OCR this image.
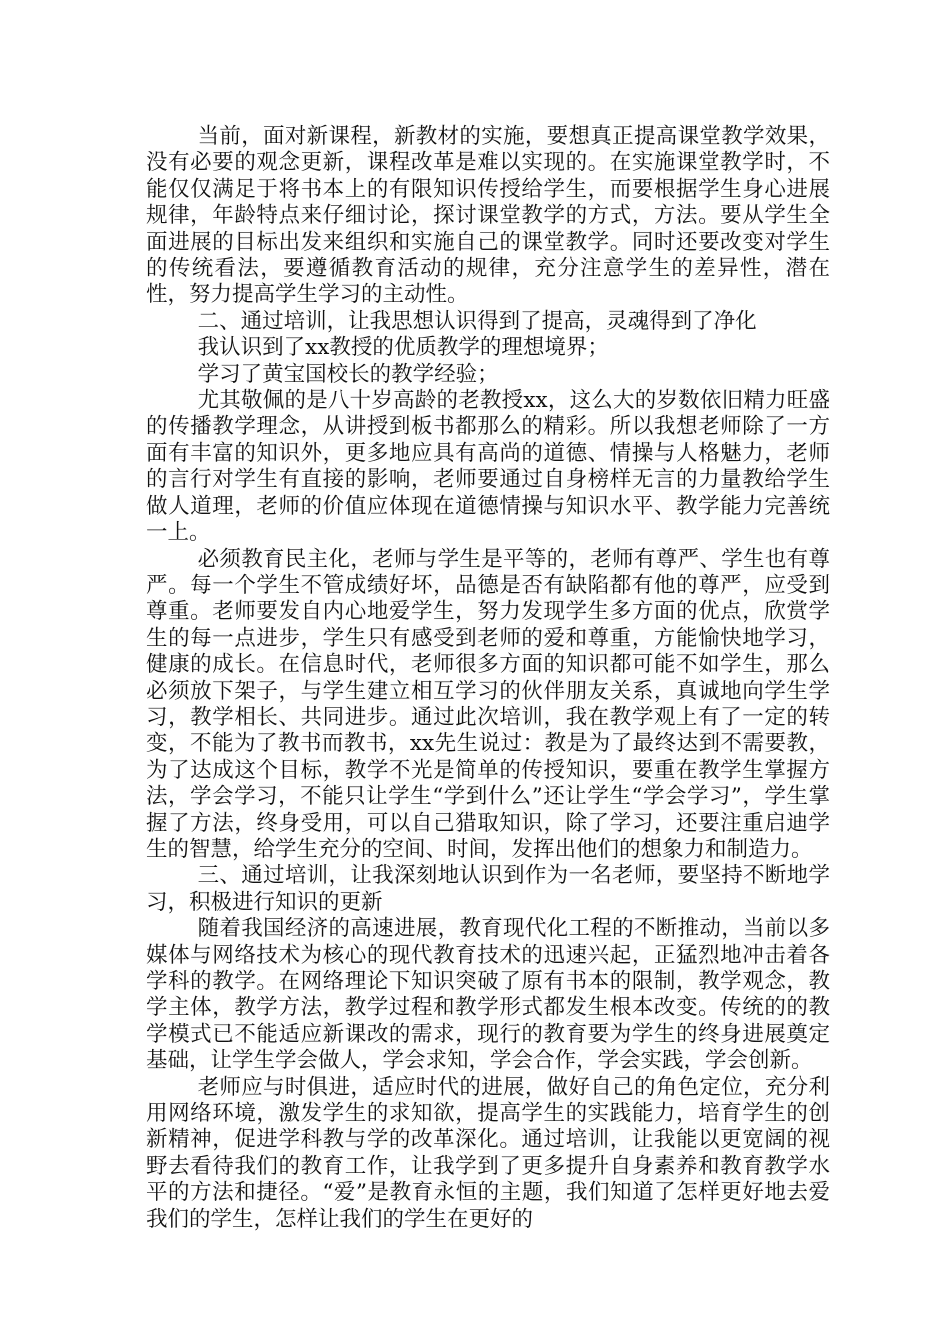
当前，面对新课程，新教材的实施，要想真正提高课堂教学效果，没有必要的观念更新，课程改革是难以实现的。在实施课堂教学时，不能仅仅满足于将书本上的有限知识传授给学生，而要根据学生身心进展规律，年龄特点来仔细讨论，探讨课堂教学的方式，方法。要从学生全面进展的目标出发来组织和实施自己的课堂教学。同时还要改变对学生的传统看法，要遵循教育活动的规律，充分注意学生的差异性，潜在性，努力提高学生学习的主动性。

二、通过培训，让我思想认识得到了提高，灵魂得到了净化

我认识到了xx教授的优质教学的理想境界；

学习了黄宝国校长的教学经验；

尤其敬佩的是八十岁高龄的老教授xx，这么大的岁数依旧精力旺盛的传播教学理念，从讲授到板书都那么的精彩。所以我想老师除了一方面有丰富的知识外，更多地应具有高尚的道德、情操与人格魅力，老师的言行对学生有直接的影响，老师要通过自身榜样无言的力量教给学生做人道理，老师的价值应体现在道德情操与知识水平、教学能力完善统一上。

必须教育民主化，老师与学生是平等的，老师有尊严、学生也有尊严。每一个学生不管成绩好坏，品德是否有缺陷都有他的尊严，应受到尊重。老师要发自内心地爱学生，努力发现学生多方面的优点，欣赏学生的每一点进步，学生只有感受到老师的爱和尊重，方能愉快地学习，健康的成长。在信息时代，老师很多方面的知识都可能不如学生，那么必须放下架子，与学生建立相互学习的伙伴朋友关系，真诚地向学生学习，教学相长、共同进步。通过此次培训，我在教学观上有了一定的转变，不能为了教书而教书，xx先生说过：教是为了最终达到不需要教，为了达成这个目标，教学不光是简单的传授知识，要重在教学生掌握方法，学会学习，不能只让学生“学到什么”还让学生“学会学习”，学生掌握了方法，终身受用，可以自己猎取知识，除了学习，还要注重启迪学生的智慧，给学生充分的空间、时间，发挥出他们的想象力和制造力。

三、通过培训，让我深刻地认识到作为一名老师，要坚持不断地学习，积极进行知识的更新

随着我国经济的高速进展，教育现代化工程的不断推动，当前以多媒体与网络技术为核心的现代教育技术的迅速兴起，正猛烈地冲击着各学科的教学。在网络理论下知识突破了原有书本的限制，教学观念，教学主体，教学方法，教学过程和教学形式都发生根本改变。传统的的教学模式已不能适应新课改的需求，现行的教育要为学生的终身进展奠定基础，让学生学会做人，学会求知，学会合作，学会实践，学会创新。

老师应与时俱进，适应时代的进展，做好自己的角色定位，充分利用网络环境，激发学生的求知欲，提高学生的实践能力，培育学生的创新精神，促进学科教与学的改革深化。通过培训，让我能以更宽阔的视野去看待我们的教育工作，让我学到了更多提升自身素养和教育教学水平的方法和捷径。“爱”是教育永恒的主题，我们知道了怎样更好地去爱我们的学生，怎样让我们的学生在更好的
